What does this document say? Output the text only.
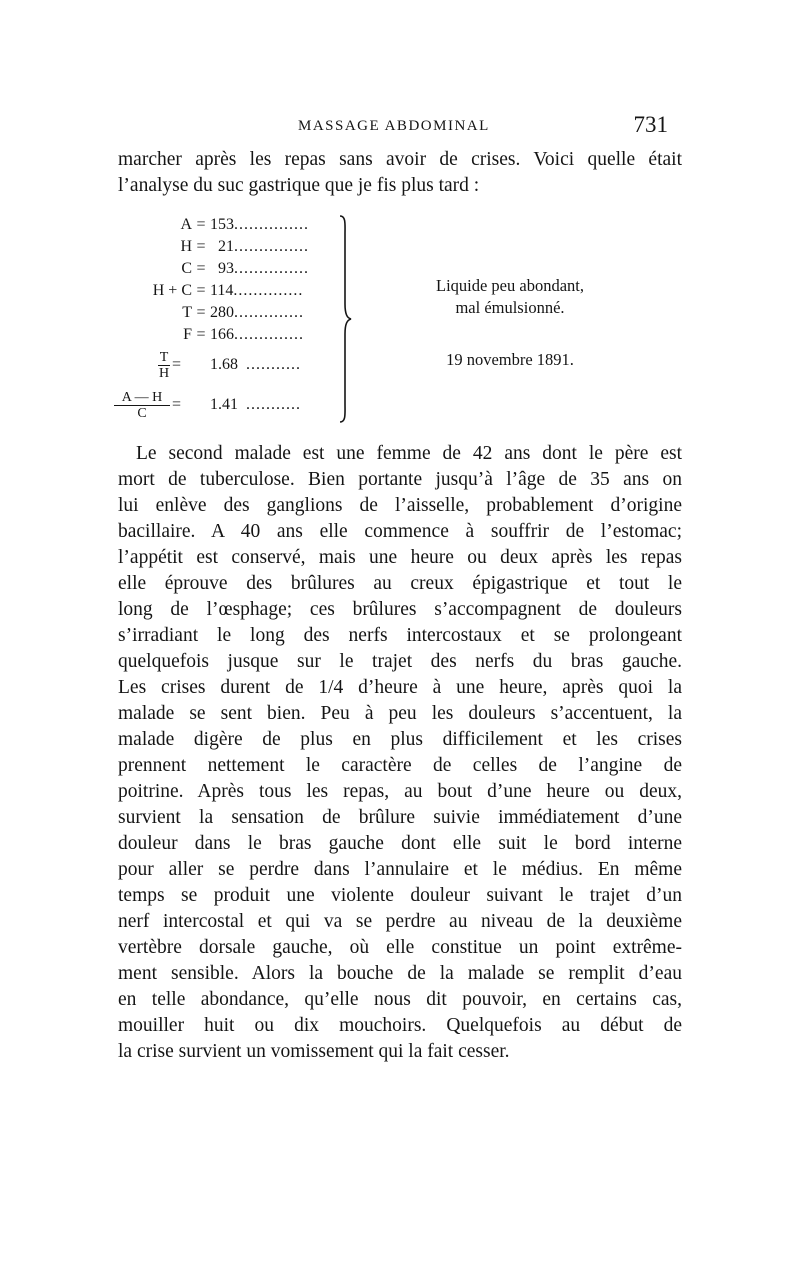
MASSAGE ABDOMINAL	731
marcher après les repas sans avoir de crises. Voici quelle était
l’analyse du suc gastrique que je fis plus tard :
A = 153...............
H = 21...............
C = 93...............
H + C = 114..............
T = 280..............
F = 166..............
$\frac{T}{H} = 1.68$ ...........
$\frac{A — H}{C} = 1.41$ ...........
Liquide peu abondant,
mal émulsionné.
19 novembre 1891.
Le second malade est une femme de 42 ans dont le père est
mort de tuberculose. Bien portante jusqu’à l’âge de 35 ans on
lui enlève des ganglions de l’aisselle, probablement d’origine
bacillaire. A 40 ans elle commence à souffrir de l’estomac;
l’appétit est conservé, mais une heure ou deux après les repas
elle éprouve des brûlures au creux épigastrique et tout le
long de l’œsphage; ces brûlures s’accompagnent de douleurs
s’irradiant le long des nerfs intercostaux et se prolongeant
quelquefois jusque sur le trajet des nerfs du bras gauche.
Les crises durent de 1/4 d’heure à une heure, après quoi la
malade se sent bien. Peu à peu les douleurs s’accentuent, la
malade digère de plus en plus difficilement et les crises
prennent nettement le caractère de celles de l’angine de
poitrine. Après tous les repas, au bout d’une heure ou deux,
survient la sensation de brûlure suivie immédiatement d’une
douleur dans le bras gauche dont elle suit le bord interne
pour aller se perdre dans l’annulaire et le médius. En même
temps se produit une violente douleur suivant le trajet d’un
nerf intercostal et qui va se perdre au niveau de la deuxième
vertèbre dorsale gauche, où elle constitue un point extrême-
ment sensible. Alors la bouche de la malade se remplit d’eau
en telle abondance, qu’elle nous dit pouvoir, en certains cas,
mouiller huit ou dix mouchoirs. Quelquefois au début de
la crise survient un vomissement qui la fait cesser.
